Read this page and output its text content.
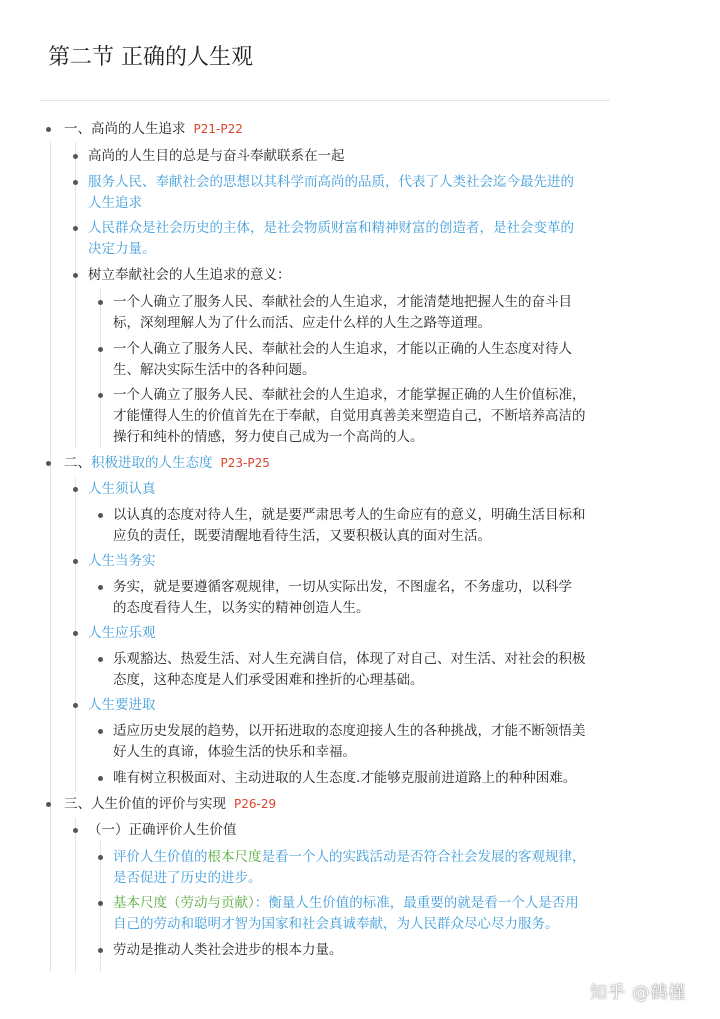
第二节 正确的人生观
一、高尚的人生追求 P21-P22
高尚的人生目的总是与奋斗奉献联系在一起
服务人民、奉献社会的思想以其科学而高尚的品质，代表了人类社会迄今最先进的
人生追求
人民群众是社会历史的主体，是社会物质财富和精神财富的创造者，是社会变革的
决定力量。
树立奉献社会的人生追求的意义：
一个人确立了服务人民、奉献社会的人生追求，才能清楚地把握人生的奋斗目
标，深刻理解人为了什么而活、应走什么样的人生之路等道理。
一个人确立了服务人民、奉献社会的人生追求，才能以正确的人生态度对待人
生、解决实际生活中的各种问题。
一个人确立了服务人民、奉献社会的人生追求，才能掌握正确的人生价值标准，
才能懂得人生的价值首先在于奉献，自觉用真善美来塑造自己，不断培养高洁的
操行和纯朴的情感，努力使自己成为一个高尚的人。
二、积极进取的人生态度 P23-P25
人生须认真
以认真的态度对待人生，就是要严肃思考人的生命应有的意义，明确生活目标和
应负的责任，既要清醒地看待生活，又要积极认真的面对生活。
人生当务实
务实，就是要遵循客观规律，一切从实际出发，不图虚名，不务虚功，以科学
的态度看待人生，以务实的精神创造人生。
人生应乐观
乐观豁达、热爱生活、对人生充满自信，体现了对自己、对生活、对社会的积极
态度，这种态度是人们承受困难和挫折的心理基础。
人生要进取
适应历史发展的趋势，以开拓进取的态度迎接人生的各种挑战，才能不断领悟美
好人生的真谛，体验生活的快乐和幸福。
唯有树立积极面对、主动进取的人生态度.才能够克服前进道路上的种种困难。
三、人生价值的评价与实现 P26-29
（一）正确评价人生价值
评价人生价值的根本尺度是看一个人的实践活动是否符合社会发展的客观规律，
是否促进了历史的进步。
基本尺度（劳动与贡献）：衡量人生价值的标准，最重要的就是看一个人是否用
自己的劳动和聪明才智为国家和社会真诚奉献，为人民群众尽心尽力服务。
劳动是推动人类社会进步的根本力量。
知乎 @鹤槿
